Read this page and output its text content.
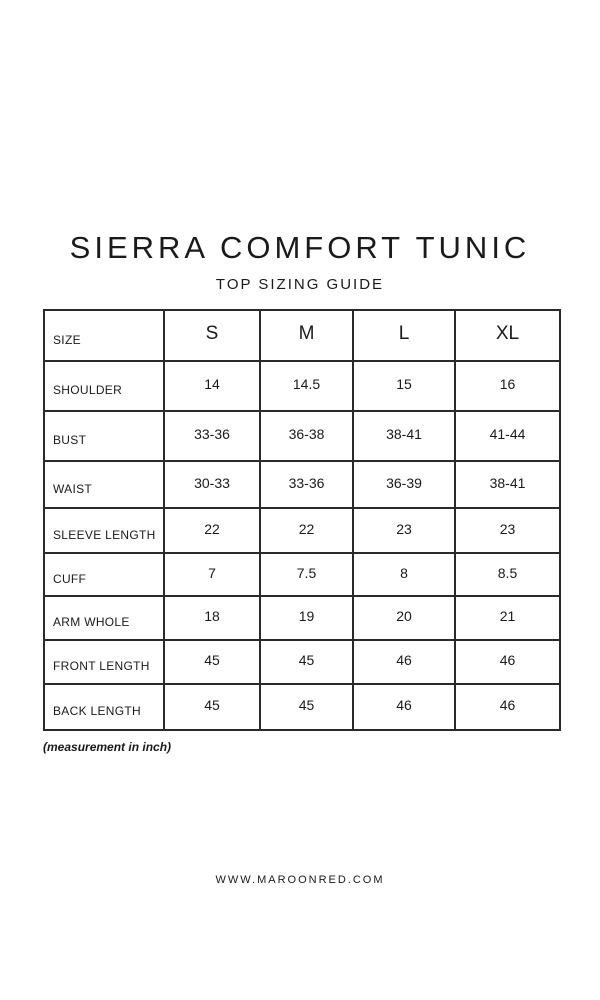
SIERRA COMFORT TUNIC
TOP SIZING GUIDE
SIZE	S	M	L	XL
SHOULDER	14	14.5	15	16
BUST	33-36	36-38	38-41	41-44
WAIST	30-33	33-36	36-39	38-41
SLEEVE LENGTH	22	22	23	23
CUFF	7	7.5	8	8.5
ARM WHOLE	18	19	20	21
FRONT LENGTH	45	45	46	46
BACK LENGTH	45	45	46	46
(measurement in inch)
WWW.MAROONRED.COM
